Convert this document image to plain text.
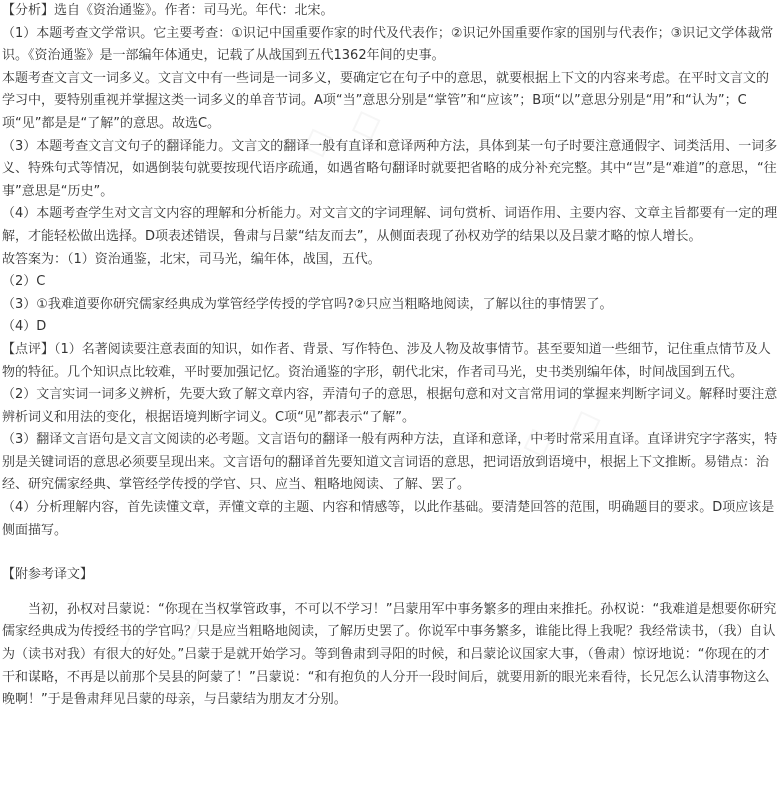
【分析】选自《资治通鉴》。作者：司马光。年代：北宋。

（1）本题考查文学常识。它主要考查：①识记中国重要作家的时代及代表作；②识记外国重要作家的国别与代表作；③识记文学体裁常识。《资治通鉴》是一部编年体通史，记载了从战国到五代1362年间的史事。

本题考查文言文一词多义。文言文中有一些词是一词多义，要确定它在句子中的意思，就要根据上下文的内容来考虑。在平时文言文的学习中，要特别重视并掌握这类一词多义的单音节词。A项“当”意思分别是“掌管”和“应该”；B项“以”意思分别是“用”和“认为”；C项“见”都是是“了解”的意思。故选C。

（3）本题考查文言文句子的翻译能力。文言文的翻译一般有直译和意译两种方法，具体到某一句子时要注意通假字、词类活用、一词多义、特殊句式等情况，如遇倒装句就要按现代语序疏通，如遇省略句翻译时就要把省略的成分补充完整。其中“岂”是“难道”的意思，“往事”意思是“历史”。

（4）本题考查学生对文言文内容的理解和分析能力。对文言文的字词理解、词句赏析、词语作用、主要内容、文章主旨都要有一定的理解，才能轻松做出选择。D项表述错误，鲁肃与吕蒙“结友而去”，从侧面表现了孙权劝学的结果以及吕蒙才略的惊人增长。

故答案为：（1）资治通鉴，北宋，司马光，编年体，战国，五代。

（2）C

（3）①我难道要你研究儒家经典成为掌管经学传授的学官吗?②只应当粗略地阅读，了解以往的事情罢了。

（4）D

【点评】（1）名著阅读要注意表面的知识，如作者、背景、写作特色、涉及人物及故事情节。甚至要知道一些细节，记住重点情节及人物的特征。几个知识点比较难，平时要加强记忆。资治通鉴的字形，朝代北宋，作者司马光，史书类别编年体，时间战国到五代。

（2）文言实词一词多义辨析，先要大致了解文章内容，弄清句子的意思，根据句意和对文言常用词的掌握来判断字词义。解释时要注意辨析词义和用法的变化，根据语境判断字词义。C项“见”都表示“了解”。

（3）翻译文言语句是文言文阅读的必考题。文言语句的翻译一般有两种方法，直译和意译，中考时常采用直译。直译讲究字字落实，特别是关键词语的意思必须要呈现出来。文言语句的翻译首先要知道文言词语的意思，把词语放到语境中，根据上下文推断。易错点：治经、研究儒家经典、掌管经学传授的学官、只、应当、粗略地阅读、了解、罢了。

（4）分析理解内容，首先读懂文章，弄懂文章的主题、内容和情感等，以此作基础。要清楚回答的范围，明确题目的要求。D项应该是侧面描写。

【附参考译文】

当初，孙权对吕蒙说：“你现在当权掌管政事，不可以不学习！”吕蒙用军中事务繁多的理由来推托。孙权说：“我难道是想要你研究儒家经典成为传授经书的学官吗？只是应当粗略地阅读，了解历史罢了。你说军中事务繁多，谁能比得上我呢？我经常读书，（我）自认为（读书对我）有很大的好处。”吕蒙于是就开始学习。等到鲁肃到寻阳的时候，和吕蒙论议国家大事，（鲁肃）惊讶地说：“你现在的才干和谋略，不再是以前那个吴县的阿蒙了！”吕蒙说：“和有抱负的人分开一段时间后，就要用新的眼光来看待，长兄怎么认清事物这么晚啊！”于是鲁肃拜见吕蒙的母亲，与吕蒙结为朋友才分别。
